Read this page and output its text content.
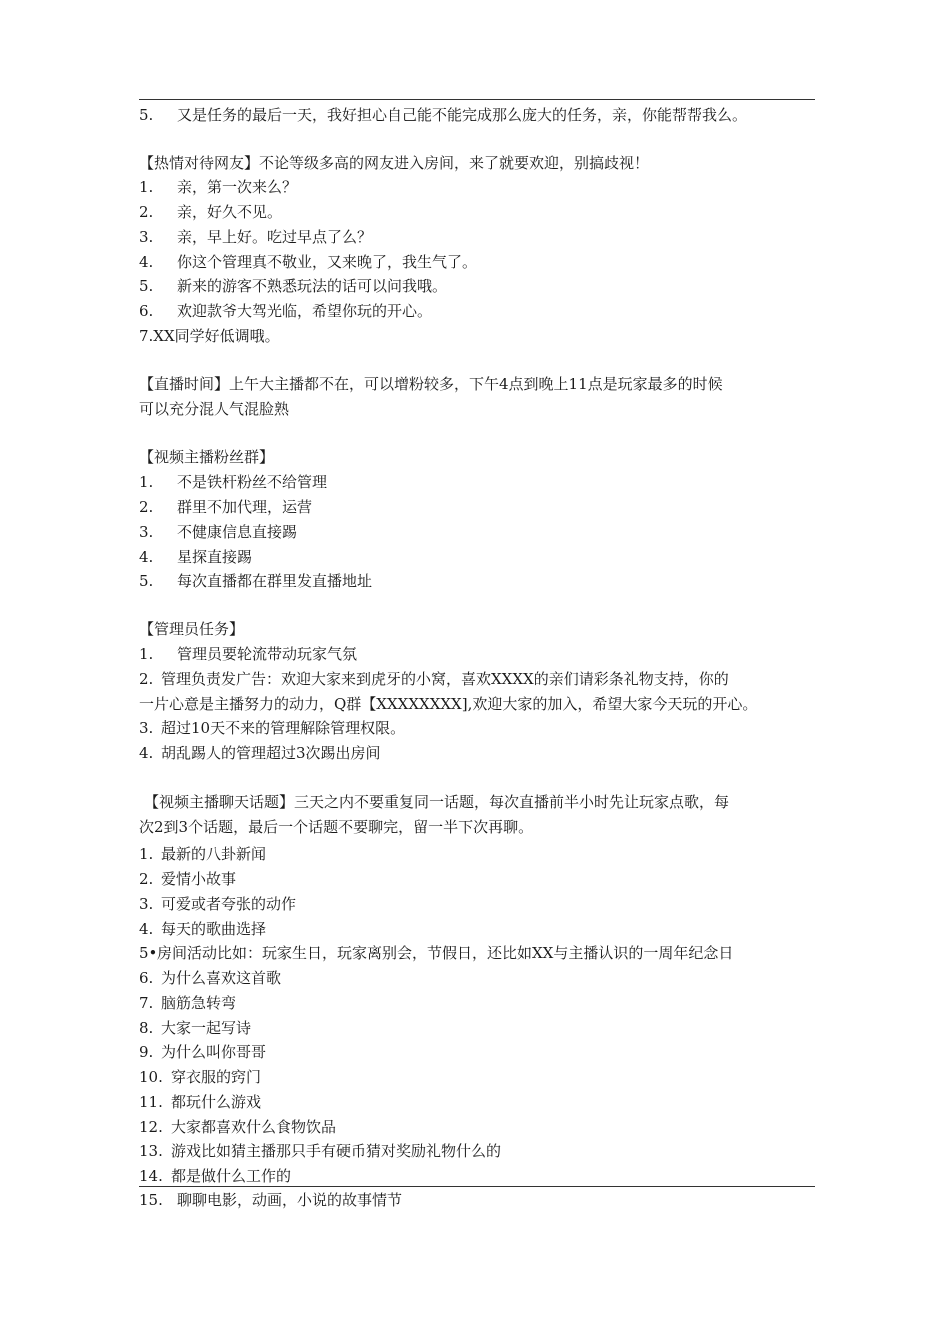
5. 又是任务的最后一天，我好担心自己能不能完成那么庞大的任务，亲，你能帮帮我么。
【热情对待网友】不论等级多高的网友进入房间，来了就要欢迎，别搞歧视！
1. 亲，第一次来么？
2. 亲，好久不见。
3. 亲，早上好。吃过早点了么？
4. 你这个管理真不敬业，又来晚了，我生气了。
5. 新来的游客不熟悉玩法的话可以问我哦。
6. 欢迎款爷大驾光临，希望你玩的开心。
7.XX同学好低调哦。
【直播时间】上午大主播都不在，可以增粉较多，下午4点到晚上11点是玩家最多的时候
可以充分混人气混脸熟
【视频主播粉丝群】
1. 不是铁杆粉丝不给管理
2. 群里不加代理，运营
3. 不健康信息直接踢
4. 星探直接踢
5. 每次直播都在群里发直播地址
【管理员任务】
1. 管理员要轮流带动玩家气氛
2. 管理负责发广告：欢迎大家来到虎牙的小窝，喜欢XXXX的亲们请彩条礼物支持，你的
一片心意是主播努力的动力，Q群【XXXXXXXX],欢迎大家的加入，希望大家今天玩的开心。
3. 超过10天不来的管理解除管理权限。
4. 胡乱踢人的管理超过3次踢出房间
【视频主播聊天话题】三天之内不要重复同一话题，每次直播前半小时先让玩家点歌，每
次2到3个话题，最后一个话题不要聊完，留一半下次再聊。
1. 最新的八卦新闻
2. 爱情小故事
3. 可爱或者夸张的动作
4. 每天的歌曲选择
5•房间活动比如：玩家生日，玩家离别会，节假日，还比如XX与主播认识的一周年纪念日
6. 为什么喜欢这首歌
7. 脑筋急转弯
8. 大家一起写诗
9. 为什么叫你哥哥
10. 穿衣服的窍门
11. 都玩什么游戏
12. 大家都喜欢什么食物饮品
13. 游戏比如猜主播那只手有硬币猜对奖励礼物什么的
14. 都是做什么工作的
15. 聊聊电影，动画，小说的故事情节
